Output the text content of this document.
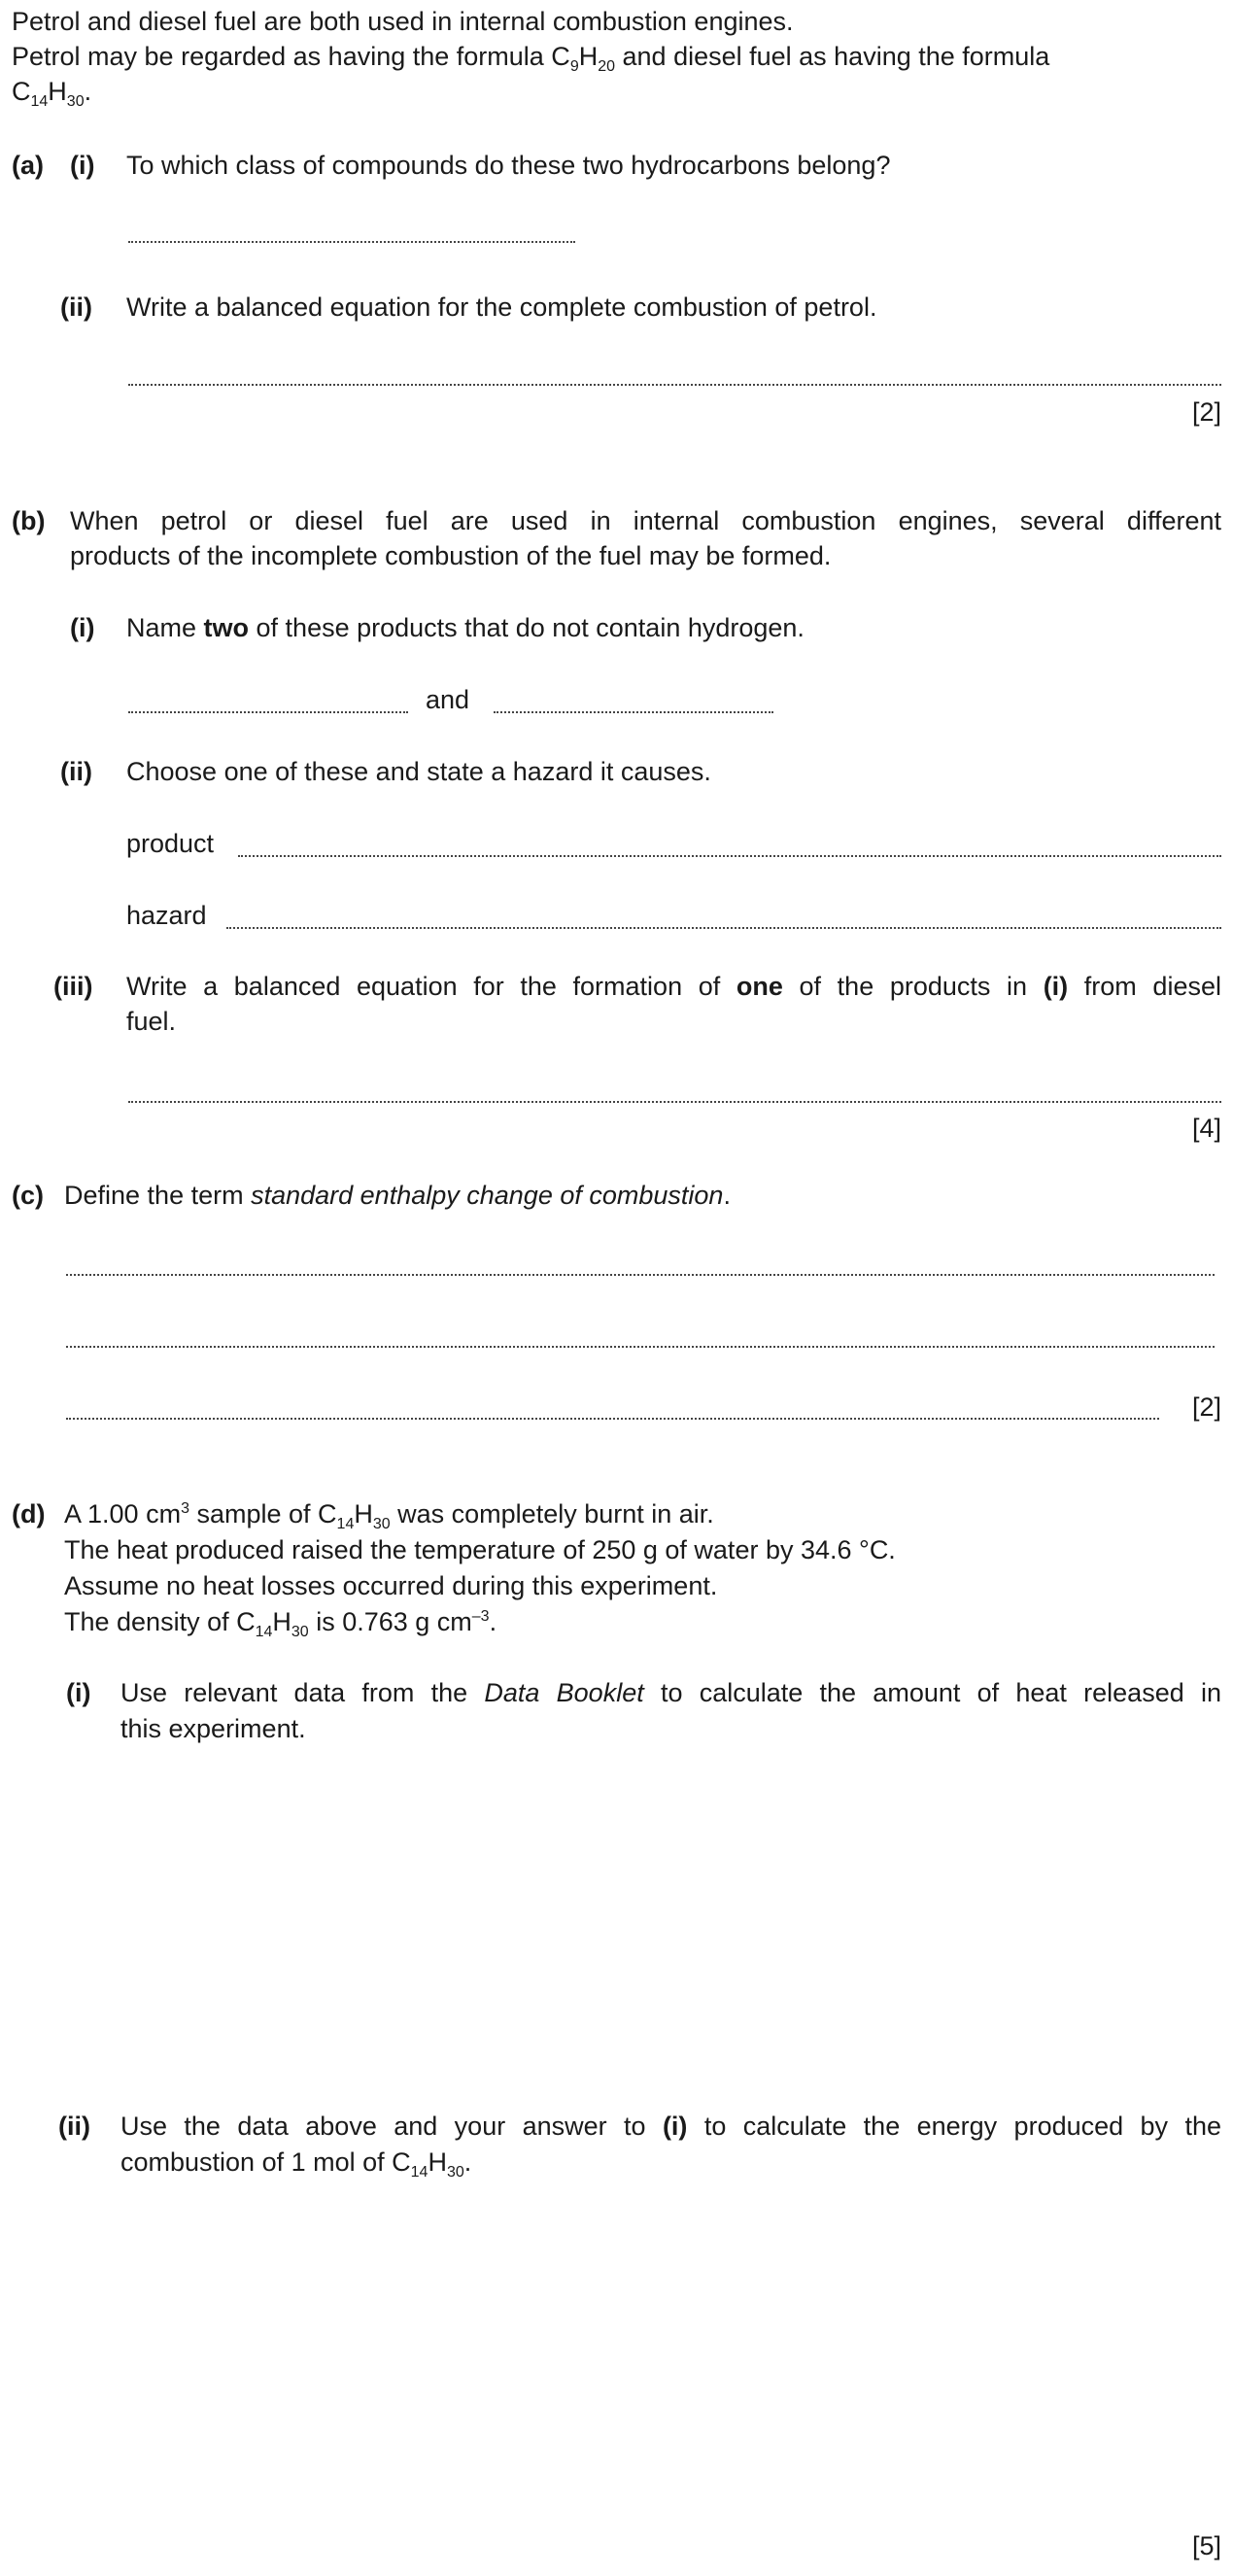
Petrol and diesel fuel are both used in internal combustion engines.
Petrol may be regarded as having the formula $C_9H_{20}$ and diesel fuel as having the formula
$C_{14}H_{30}$.
(a) (i) To which class of compounds do these two hydrocarbons belong?
(ii) Write a balanced equation for the complete combustion of petrol.
[2]
(b) When petrol or diesel fuel are used in internal combustion engines, several different
products of the incomplete combustion of the fuel may be formed.
(i) Name two of these products that do not contain hydrogen.
and
(ii) Choose one of these and state a hazard it causes.
product
hazard
(iii) Write a balanced equation for the formation of one of the products in (i) from diesel
fuel.
[4]
(c) Define the term standard enthalpy change of combustion.
[2]
(d) A 1.00 $cm^3$ sample of $C_{14}H_{30}$ was completely burnt in air.
The heat produced raised the temperature of 250 g of water by 34.6 °C.
Assume no heat losses occurred during this experiment.
The density of $C_{14}H_{30}$ is 0.763 g $cm^{-3}$.
(i) Use relevant data from the Data Booklet to calculate the amount of heat released in
this experiment.
(ii) Use the data above and your answer to (i) to calculate the energy produced by the
combustion of 1 mol of $C_{14}H_{30}$.
[5]
